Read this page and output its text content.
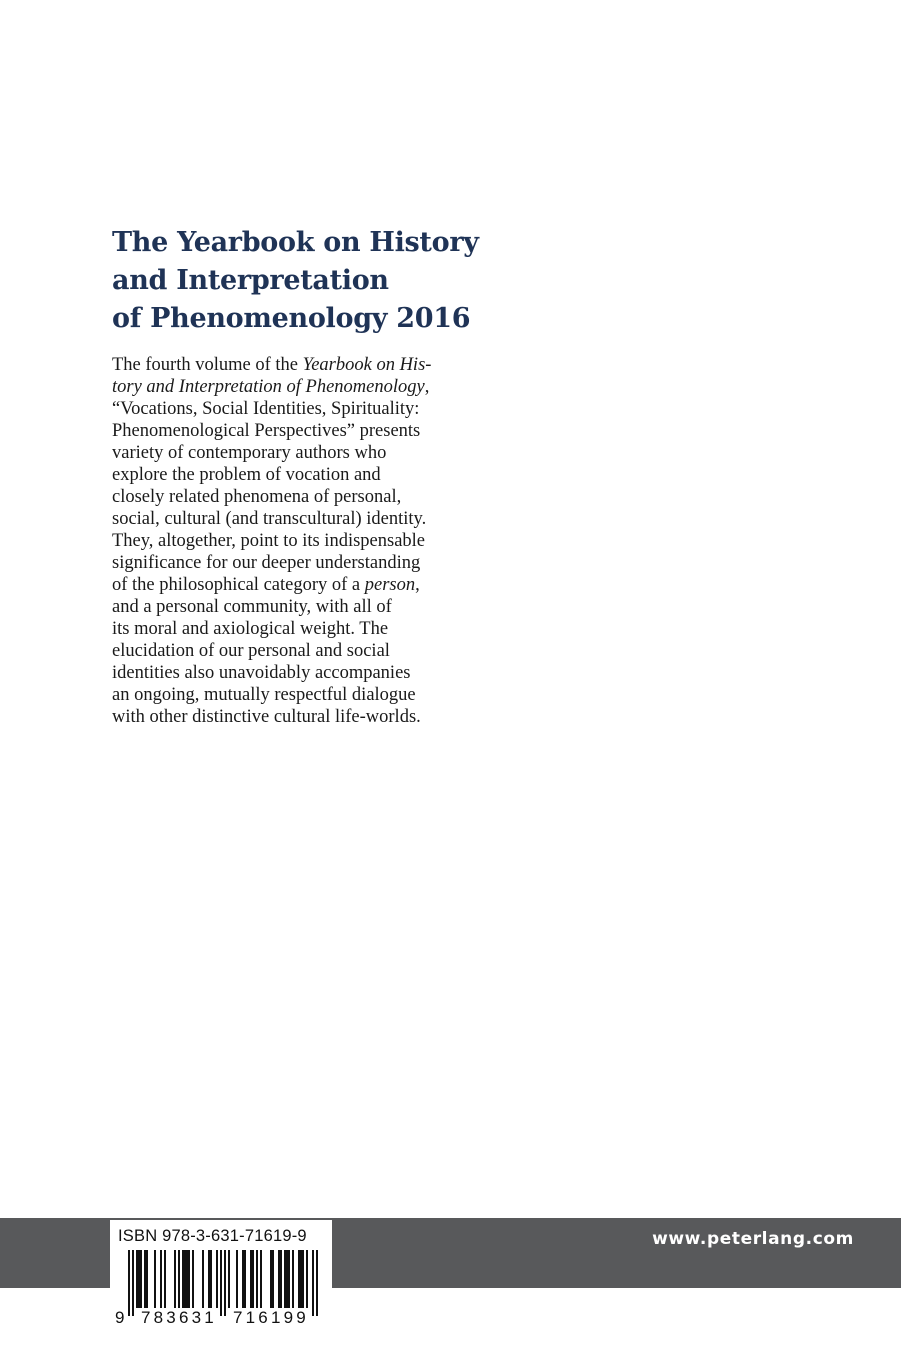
The Yearbook on History
and Interpretation
of Phenomenology 2016
The fourth volume of the Yearbook on His-
tory and Interpretation of Phenomenology,
“Vocations, Social Identities, Spirituality:
Phenomenological Perspectives” presents
variety of contemporary authors who
explore the problem of vocation and
closely related phenomena of personal,
social, cultural (and transcultural) identity.
They, altogether, point to its indispensable
significance for our deeper understanding
of the philosophical category of a person,
and a personal community, with all of
its moral and axiological weight. The
elucidation of our personal and social
identities also unavoidably accompanies
an ongoing, mutually respectful dialogue
with other distinctive cultural life-worlds.
www.peterlang.com
ISBN 978-3-631-71619-9
9 783631 716199
